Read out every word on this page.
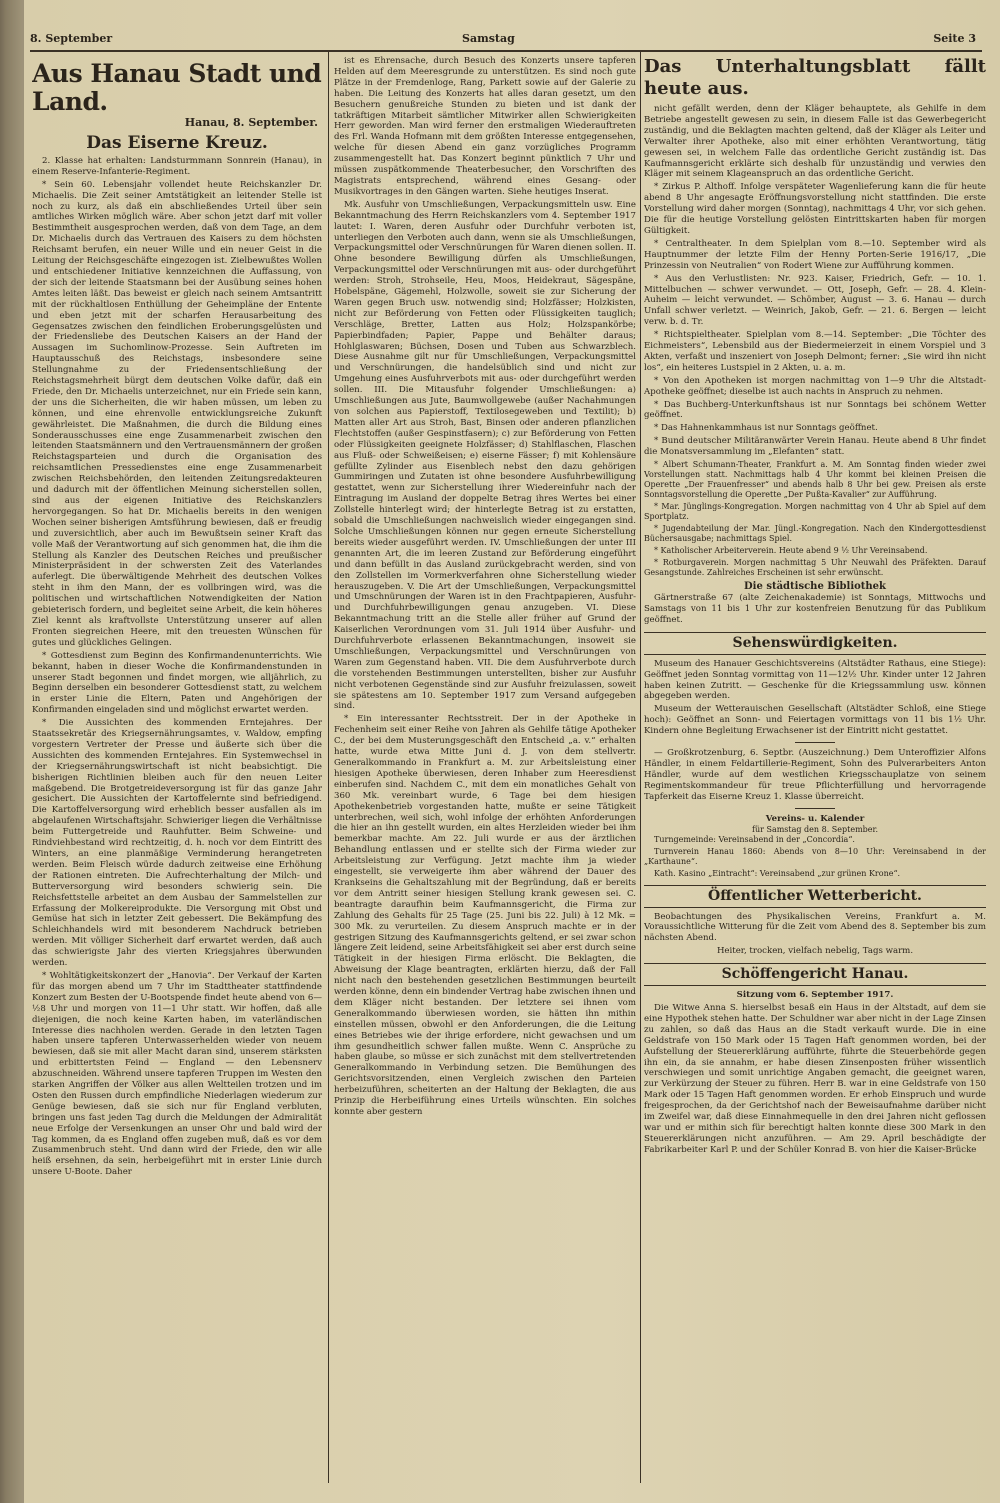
8. September	Samstag	Seite 3
Aus Hanau Stadt und Land.
Hanau, 8. September.
Das Eiserne Kreuz.

2. Klasse hat erhalten: Landsturmmann Sonnrein (Hanau), in einem Reserve-Infanterie-Regiment.

* Sein 60. Lebensjahr vollendet heute Reichskanzler Dr. Michaelis. Die Zeit seiner Amtstätigkeit an leitender Stelle ist noch zu kurz, als daß ein abschließendes Urteil über sein amtliches Wirken möglich wäre. Aber schon jetzt darf mit voller Bestimmtheit ausgesprochen werden, daß von dem Tage, an dem Dr. Michaelis durch das Vertrauen des Kaisers zu dem höchsten Reichsamt berufen, ein neuer Wille und ein neuer Geist in die Leitung der Reichsgeschäfte eingezogen ist. Zielbewußtes Wollen und entschiedener Initiative kennzeichnen die Auffassung, von der sich der leitende Staatsmann bei der Ausübung seines hohen Amtes leiten läßt. Das beweist er gleich nach seinem Amtsantritt mit der rückhaltlosen Enthüllung der Geheimpläne der Entente und eben jetzt mit der scharfen Herausarbeitung des Gegensatzes zwischen den feindlichen Eroberungsgelüsten und der Friedensliebe des Deutschen Kaisers an der Hand der Aussagen im Suchomlinow-Prozesse. Sein Auftreten im Hauptausschuß des Reichstags, insbesondere seine Stellungnahme zu der Friedensentschließung der Reichstagsmehrheit bürgt dem deutschen Volke dafür, daß ein Friede, den Dr. Michaelis unterzeichnet, nur ein Friede sein kann, der uns die Sicherheiten, die wir haben müssen, um leben zu können, und eine ehrenvolle entwicklungsreiche Zukunft gewährleistet. Die Maßnahmen, die durch die Bildung eines Sonderausschusses eine enge Zusammenarbeit zwischen den leitenden Staatsmännern und den Vertrauensmännern der großen Reichstagsparteien und durch die Organisation des reichsamtlichen Pressedienstes eine enge Zusammenarbeit zwischen Reichsbehörden, den leitenden Zeitungsredakteuren und dadurch mit der öffentlichen Meinung sicherstellen sollen, sind aus der eigenen Initiative des Reichskanzlers hervorgegangen. So hat Dr. Michaelis bereits in den wenigen Wochen seiner bisherigen Amtsführung bewiesen, daß er freudig und zuversichtlich, aber auch im Bewußtsein seiner Kraft das volle Maß der Verantwortung auf sich genommen hat, die ihm die Stellung als Kanzler des Deutschen Reiches und preußischer Ministerpräsident in der schwersten Zeit des Vaterlandes auferlegt. Die überwältigende Mehrheit des deutschen Volkes steht in ihm den Mann, der es vollbringen wird, was die politischen und wirtschaftlichen Notwendigkeiten der Nation gebieterisch fordern, und begleitet seine Arbeit, die kein höheres Ziel kennt als kraftvollste Unterstützung unserer auf allen Fronten siegreichen Heere, mit den treuesten Wünschen für gutes und glückliches Gelingen.

* Gottesdienst zum Beginn des Konfirmandenunterrichts. Wie bekannt, haben in dieser Woche die Konfirmandenstunden in unserer Stadt begonnen und findet morgen, wie alljährlich, zu Beginn derselben ein besonderer Gottesdienst statt, zu welchem in erster Linie die Eltern, Paten und Angehörigen der Konfirmanden eingeladen sind und möglichst erwartet werden.

* Die Aussichten des kommenden Erntejahres. Der Staatssekretär des Kriegsernährungsamtes, v. Waldow, empfing vorgestern Vertreter der Presse und äußerte sich über die Aussichten des kommenden Erntejahres. Ein Systemwechsel in der Kriegsernährungswirtschaft ist nicht beabsichtigt. Die bisherigen Richtlinien bleiben auch für den neuen Leiter maßgebend. Die Brotgetreideversorgung ist für das ganze Jahr gesichert. Die Aussichten der Kartoffelernte sind befriedigend. Die Kartoffelversorgung wird erheblich besser ausfallen als im abgelaufenen Wirtschaftsjahr. Schwieriger liegen die Verhältnisse beim Futtergetreide und Rauhfutter. Beim Schweine- und Rindviehbestand wird rechtzeitig, d. h. noch vor dem Eintritt des Winters, an eine planmäßige Verminderung herangetreten werden. Beim Fleisch würde dadurch zeitweise eine Erhöhung der Rationen eintreten. Die Aufrechterhaltung der Milch- und Butterversorgung wird besonders schwierig sein. Die Reichsfettstelle arbeitet an dem Ausbau der Sammelstellen zur Erfassung der Molkereiprodukte. Die Versorgung mit Obst und Gemüse hat sich in letzter Zeit gebessert. Die Bekämpfung des Schleichhandels wird mit besonderem Nachdruck betrieben werden. Mit völliger Sicherheit darf erwartet werden, daß auch das schwierigste Jahr des vierten Kriegsjahres überwunden werden.

* Wohltätigkeitskonzert der „Hanovia“. Der Verkauf der Karten für das morgen abend um 7 Uhr im Stadttheater stattfindende Konzert zum Besten der U-Bootspende findet heute abend von 6—½8 Uhr und morgen von 11—1 Uhr statt. Wir hoffen, daß alle diejenigen, die noch keine Karten haben, im vaterländischen Interesse dies nachholen werden. Gerade in den letzten Tagen haben unsere tapferen Unterwasserhelden wieder von neuem bewiesen, daß sie mit aller Macht daran sind, unserem stärksten und erbittertsten Feind — England — den Lebensnerv abzuschneiden. Während unsere tapferen Truppen im Westen den starken Angriffen der Völker aus allen Weltteilen trotzen und im Osten den Russen durch empfindliche Niederlagen wiederum zur Genüge bewiesen, daß sie sich nur für England verbluten, bringen uns fast jeden Tag durch die Meldungen der Admiralität neue Erfolge der Versenkungen an unser Ohr und bald wird der Tag kommen, da es England offen zugeben muß, daß es vor dem Zusammenbruch steht. Und dann wird der Friede, den wir alle heiß ersehnen, da sein, herbeigeführt mit in erster Linie durch unsere U-Boote. Daher

ist es Ehrensache, durch Besuch des Konzerts unsere tapferen Helden auf dem Meeresgrunde zu unterstützen. Es sind noch gute Plätze in der Fremdenloge, Rang, Parkett sowie auf der Galerie zu haben. Die Leitung des Konzerts hat alles daran gesetzt, um den Besuchern genußreiche Stunden zu bieten und ist dank der tatkräftigen Mitarbeit sämtlicher Mitwirker allen Schwierigkeiten Herr geworden. Man wird ferner den erstmaligen Wiederauftreten des Frl. Wanda Hofmann mit dem größten Interesse entgegensehen, welche für diesen Abend ein ganz vorzügliches Programm zusammengestellt hat. Das Konzert beginnt pünktlich 7 Uhr und müssen zuspätkommende Theaterbesucher, den Vorschriften des Magistrats entsprechend, während eines Gesang- oder Musikvortrages in den Gängen warten. Siehe heutiges Inserat.

Mk. Ausfuhr von Umschließungen, Verpackungsmitteln usw. Eine Bekanntmachung des Herrn Reichskanzlers vom 4. September 1917 lautet: I. Waren, deren Ausfuhr oder Durchfuhr verboten ist, unterliegen den Verboten auch dann, wenn sie als Umschließungen, Verpackungsmittel oder Verschnürungen für Waren dienen sollen. II. Ohne besondere Bewilligung dürfen als Umschließungen, Verpackungsmittel oder Verschnürungen mit aus- oder durchgeführt werden: Stroh, Strohseile, Heu, Moos, Heidekraut, Sägespäne, Hobelspäne, Gägemehl, Holzwolle, soweit sie zur Sicherung der Waren gegen Bruch usw. notwendig sind; Holzfässer; Holzkisten, nicht zur Beförderung von Fetten oder Flüssigkeiten tauglich; Verschläge, Bretter, Latten aus Holz; Holzspankörbe; Papierbindfaden; Papier, Pappe und Behälter daraus; Hohlglaswaren; Büchsen, Dosen und Tuben aus Schwarzblech. Diese Ausnahme gilt nur für Umschließungen, Verpackungsmittel und Verschnürungen, die handelsüblich sind und nicht zur Umgehung eines Ausfuhrverbots mit aus- oder durchgeführt werden sollen. III. Die Mitausfuhr folgender Umschließungen: a) Umschließungen aus Jute, Baumwollgewebe (außer Nachahmungen von solchen aus Papierstoff, Textilosegeweben und Textilit); b) Matten aller Art aus Stroh, Bast, Binsen oder anderen pflanzlichen Flechtstoffen (außer Gespinstfasern); c) zur Beförderung von Fetten oder Flüssigkeiten geeignete Holzfässer; d) Stahlflaschen, Flaschen aus Fluß- oder Schweißeisen; e) eiserne Fässer; f) mit Kohlensäure gefüllte Zylinder aus Eisenblech nebst den dazu gehörigen Gummiringen und Zutaten ist ohne besondere Ausfuhrbewilligung gestattet, wenn zur Sicherstellung ihrer Wiedereinfuhr nach der Eintragung im Ausland der doppelte Betrag ihres Wertes bei einer Zollstelle hinterlegt wird; der hinterlegte Betrag ist zu erstatten, sobald die Umschließungen nachweislich wieder eingegangen sind. Solche Umschließungen können nur gegen erneute Sicherstellung bereits wieder ausgeführt werden. IV. Umschließungen der unter III genannten Art, die im leeren Zustand zur Beförderung eingeführt und dann befüllt in das Ausland zurückgebracht werden, sind von den Zollstellen im Vormerkverfahren ohne Sicherstellung wieder herauszugeben. V. Die Art der Umschließungen, Verpackungsmittel und Umschnürungen der Waren ist in den Frachtpapieren, Ausfuhr- und Durchfuhrbewilligungen genau anzugeben. VI. Diese Bekanntmachung tritt an die Stelle aller früher auf Grund der Kaiserlichen Verordnungen vom 31. Juli 1914 über Ausfuhr- und Durchfuhrverbote erlassenen Bekanntmachungen, insoweit sie Umschließungen, Verpackungsmittel und Verschnürungen von Waren zum Gegenstand haben. VII. Die dem Ausfuhrverbote durch die vorstehenden Bestimmungen unterstellten, bisher zur Ausfuhr nicht verbotenen Gegenstände sind zur Ausfuhr freizulassen, soweit sie spätestens am 10. September 1917 zum Versand aufgegeben sind.

* Ein interessanter Rechtsstreit. Der in der Apotheke in Fechenheim seit einer Reihe von Jahren als Gehilfe tätige Apotheker C., der bei dem Musterungsgeschäft den Entscheid „a. v.“ erhalten hatte, wurde etwa Mitte Juni d. J. von dem stellvertr. Generalkommando in Frankfurt a. M. zur Arbeitsleistung einer hiesigen Apotheke überwiesen, deren Inhaber zum Heeresdienst einberufen sind. Nachdem C., mit dem ein monatliches Gehalt von 360 Mk. vereinbart wurde, 6 Tage bei dem hiesigen Apothekenbetrieb vorgestanden hatte, mußte er seine Tätigkeit unterbrechen, weil sich, wohl infolge der erhöhten Anforderungen die hier an ihn gestellt wurden, ein altes Herzleiden wieder bei ihm bemerkbar machte. Am 22. Juli wurde er aus der ärztlichen Behandlung entlassen und er stellte sich der Firma wieder zur Arbeitsleistung zur Verfügung. Jetzt machte ihm ja wieder eingestellt, sie verweigerte ihm aber während der Dauer des Krankseins die Gehaltszahlung mit der Begründung, daß er bereits vor dem Antritt seiner hiesigen Stellung krank gewesen sei. C. beantragte daraufhin beim Kaufmannsgericht, die Firma zur Zahlung des Gehalts für 25 Tage (25. Juni bis 22. Juli) à 12 Mk. = 300 Mk. zu verurteilen. Zu diesem Anspruch machte er in der gestrigen Sitzung des Kaufmannsgerichts geltend, er sei zwar schon längere Zeit leidend, seine Arbeitsfähigkeit sei aber erst durch seine Tätigkeit in der hiesigen Firma erlöscht. Die Beklagten, die Abweisung der Klage beantragten, erklärten hierzu, daß der Fall nicht nach den bestehenden gesetzlichen Bestimmungen beurteilt werden könne, denn ein bindender Vertrag habe zwischen ihnen und dem Kläger nicht bestanden. Der letztere sei ihnen vom Generalkommando überwiesen worden, sie hätten ihn mithin einstellen müssen, obwohl er den Anforderungen, die die Leitung eines Betriebes wie der ihrige erfordere, nicht gewachsen und um ihm gesundheitlich schwer fallen mußte. Wenn C. Ansprüche zu haben glaube, so müsse er sich zunächst mit dem stellvertretenden Generalkommando in Verbindung setzen. Die Bemühungen des Gerichtsvorsitzenden, einen Vergleich zwischen den Parteien herbeizuführen, scheiterten an der Haltung der Beklagten, die aus Prinzip die Herbeiführung eines Urteils wünschten. Ein solches konnte aber gestern

Das Unterhaltungsblatt fällt heute aus.

nicht gefällt werden, denn der Kläger behauptete, als Gehilfe in dem Betriebe angestellt gewesen zu sein, in diesem Falle ist das Gewerbegericht zuständig, und die Beklagten machten geltend, daß der Kläger als Leiter und Verwalter ihrer Apotheke, also mit einer erhöhten Verantwortung, tätig gewesen sei, in welchem Falle das ordentliche Gericht zuständig ist. Das Kaufmannsgericht erklärte sich deshalb für unzuständig und verwies den Kläger mit seinem Klageanspruch an das ordentliche Gericht.

* Zirkus P. Althoff. Infolge verspäteter Wagenlieferung kann die für heute abend 8 Uhr angesagte Eröffnungsvorstellung nicht stattfinden. Die erste Vorstellung wird daher morgen (Sonntag), nachmittags 4 Uhr, vor sich gehen. Die für die heutige Vorstellung gelösten Eintrittskarten haben für morgen Gültigkeit.

* Centraltheater. In dem Spielplan vom 8.—10. September wird als Hauptnummer der letzte Film der Henny Porten-Serie 1916/17, „Die Prinzessin von Neutralien“ von Rodert Wiene zur Aufführung kommen.

* Aus den Verlustlisten: Nr. 923. Kaiser, Friedrich, Gefr. — 10. 1. Mittelbuchen — schwer verwundet. — Ott, Joseph, Gefr. — 28. 4. Klein-Auheim — leicht verwundet. — Schömber, August — 3. 6. Hanau — durch Unfall schwer verletzt. — Weinrich, Jakob, Gefr. — 21. 6. Bergen — leicht verw. b. d. Tr.

* Richtspieltheater. Spielplan vom 8.—14. September: „Die Töchter des Eichmeisters“, Lebensbild aus der Biedermeierzeit in einem Vorspiel und 3 Akten, verfaßt und inszeniert von Joseph Delmont; ferner: „Sie wird ihn nicht los“, ein heiteres Lustspiel in 2 Akten, u. a. m.

* Von den Apotheken ist morgen nachmittag von 1—9 Uhr die Altstadt-Apotheke geöffnet; dieselbe ist auch nachts in Anspruch zu nehmen.

* Das Buchberg-Unterkunftshaus ist nur Sonntags bei schönem Wetter geöffnet.

* Das Hahnenkammhaus ist nur Sonntags geöffnet.

* Bund deutscher Militäranwärter Verein Hanau. Heute abend 8 Uhr findet die Monatsversammlung im „Elefanten“ statt.

* Albert Schumann-Theater, Frankfurt a. M. Am Sonntag finden wieder zwei Vorstellungen statt. Nachmittags halb 4 Uhr kommt bei kleinen Preisen die Operette „Der Frauenfresser“ und abends halb 8 Uhr bei gew. Preisen als erste Sonntagsvorstellung die Operette „Der Pußta-Kavalier“ zur Aufführung.

* Mar. Jünglings-Kongregation. Morgen nachmittag von 4 Uhr ab Spiel auf dem Sportplatz.

* Jugendabteilung der Mar. Jüngl.-Kongregation. Nach den Kindergottesdienst Büchersausgabe; nachmittags Spiel.

* Katholischer Arbeiterverein. Heute abend 9 ½ Uhr Vereinsabend.

* Rotburgaverein. Morgen nachmittag 5 Uhr Neuwahl des Präfekten. Darauf Gesangstunde. Zahlreiches Erscheinen ist sehr erwünscht.

Die städtische Bibliothek

Gärtnerstraße 67 (alte Zeichenakademie) ist Sonntags, Mittwochs und Samstags von 11 bis 1 Uhr zur kostenfreien Benutzung für das Publikum geöffnet.

Sehenswürdigkeiten.

Museum des Hanauer Geschichtsvereins (Altstädter Rathaus, eine Stiege): Geöffnet jeden Sonntag vormittag von 11—12½ Uhr. Kinder unter 12 Jahren haben keinen Zutritt. — Geschenke für die Kriegssammlung usw. können abgegeben werden.

Museum der Wetterauischen Gesellschaft (Altstädter Schloß, eine Stiege hoch): Geöffnet an Sonn- und Feiertagen vormittags von 11 bis 1½ Uhr. Kindern ohne Begleitung Erwachsener ist der Eintritt nicht gestattet.

— Großkrotzenburg, 6. Septbr. (Auszeichnung.) Dem Unteroffizier Alfons Händler, in einem Feldartillerie-Regiment, Sohn des Pulverarbeiters Anton Händler, wurde auf dem westlichen Kriegsschauplatze von seinem Regimentskommandeur für treue Pflichterfüllung und hervorragende Tapferkeit das Eiserne Kreuz 1. Klasse überreicht.

Vereins- u. Kalender
für Samstag den 8. September.

Turngemeinde: Vereinsabend in der „Concordia“.

Turnverein Hanau 1860: Abends von 8—10 Uhr: Vereinsabend in der „Karthaune“.

Kath. Kasino „Eintracht“: Vereinsabend „zur grünen Krone“.

Öffentlicher Wetterbericht.

Beobachtungen des Physikalischen Vereins, Frankfurt a. M. Voraussichtliche Witterung für die Zeit vom Abend des 8. September bis zum nächsten Abend.

Heiter, trocken, vielfach nebelig, Tags warm.

Schöffengericht Hanau.
Sitzung vom 6. September 1917.

Die Witwe Anna S. hierselbst besaß ein Haus in der Altstadt, auf dem sie eine Hypothek stehen hatte. Der Schuldner war aber nicht in der Lage Zinsen zu zahlen, so daß das Haus an die Stadt verkauft wurde. Die in eine Geldstrafe von 150 Mark oder 15 Tagen Haft genommen worden, bei der Aufstellung der Steuererklärung aufführte, führte die Steuerbehörde gegen ihn ein, da sie annahm, er habe diesen Zinsenposten früher wissentlich verschwiegen und somit unrichtige Angaben gemacht, die geeignet waren, zur Verkürzung der Steuer zu führen. Herr B. war in eine Geldstrafe von 150 Mark oder 15 Tagen Haft genommen worden. Er erhob Einspruch und wurde freigesprochen, da der Gerichtshof nach der Beweisaufnahme darüber nicht im Zweifel war, daß diese Einnahmequelle in den drei Jahren nicht geflossen war und er mithin sich für berechtigt halten konnte diese 300 Mark in den Steuererklärungen nicht anzuführen. — Am 29. April beschädigte der Fabrikarbeiter Karl P. und der Schüler Konrad B. von hier die Kaiser-Brücke
